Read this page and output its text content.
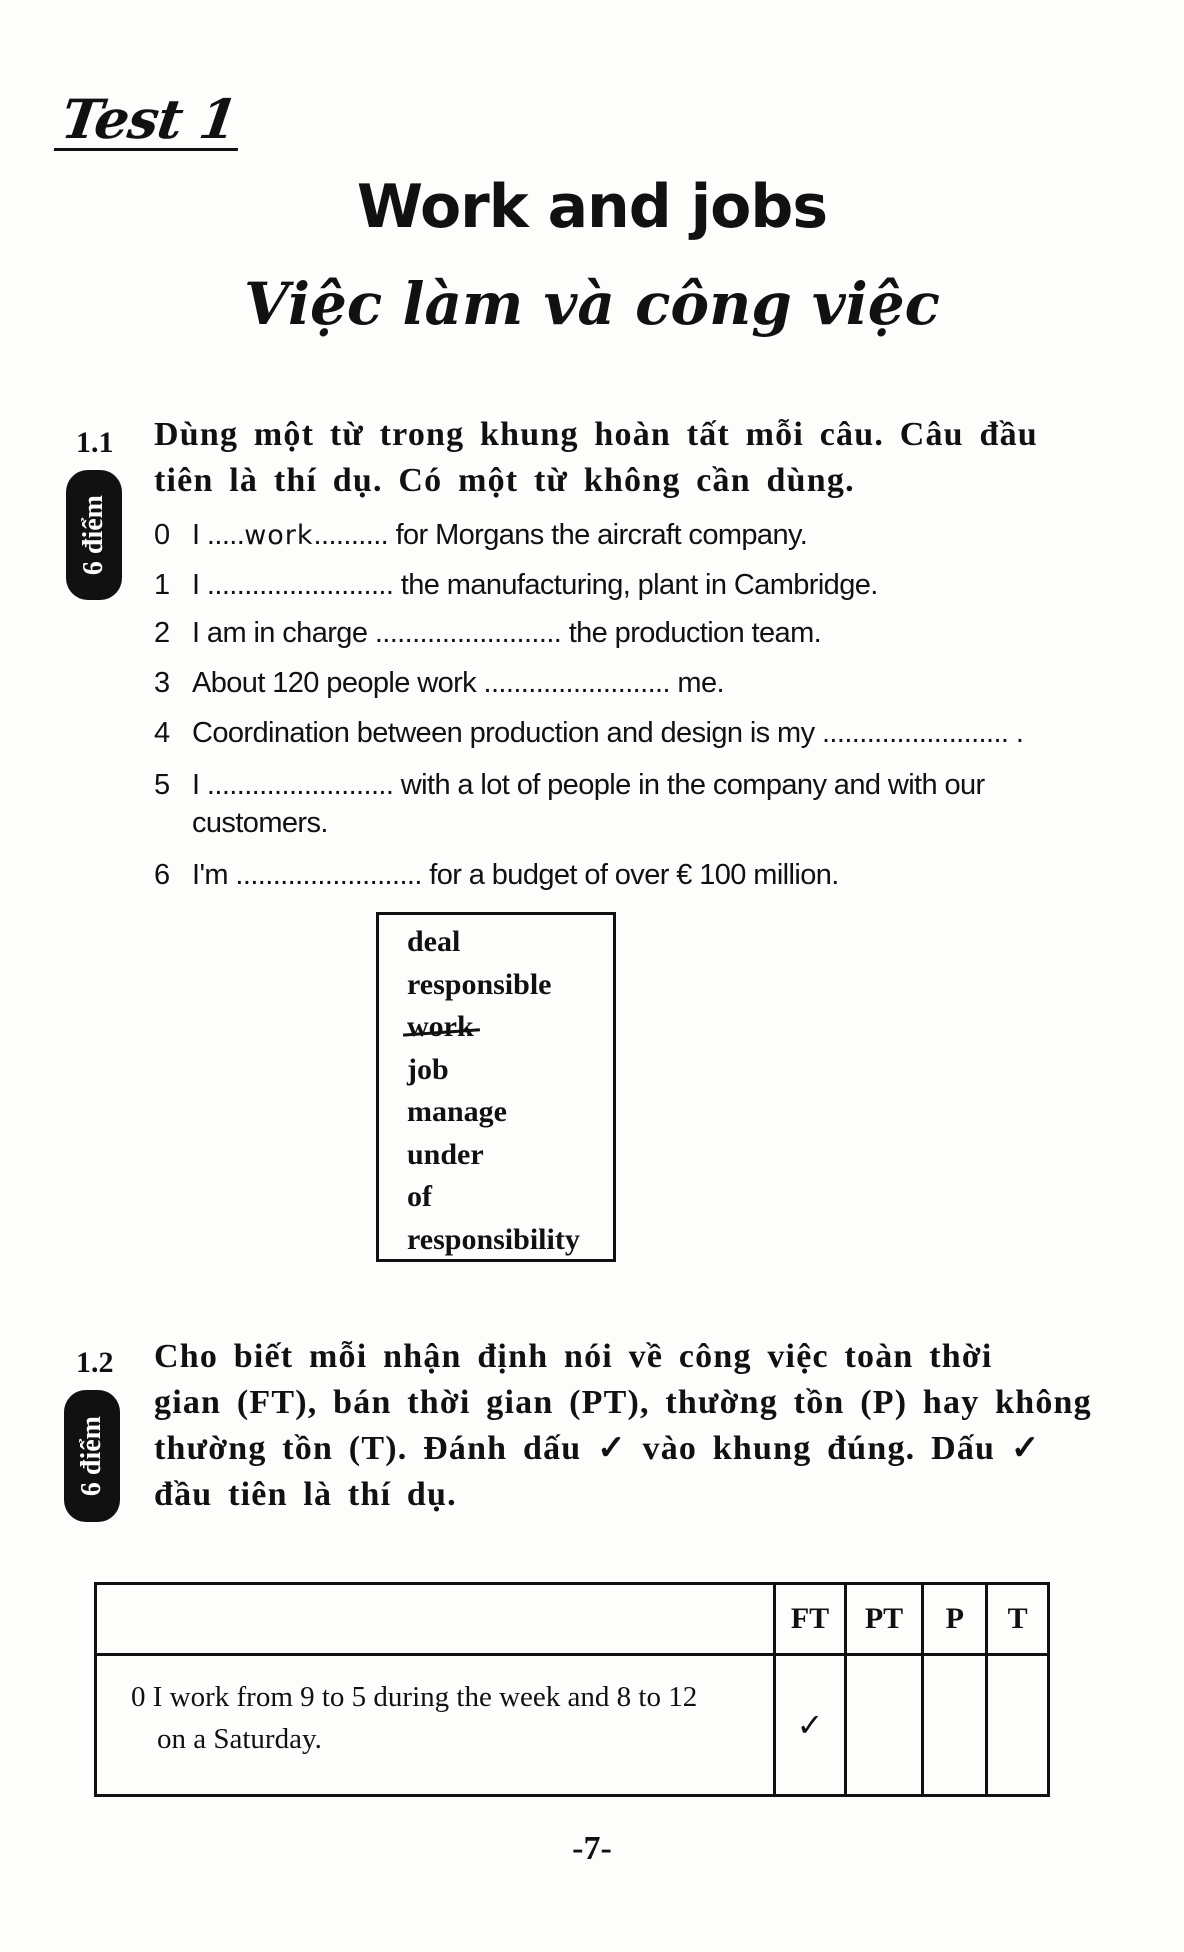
Test 1
Work and jobs
Việc làm và công việc
1.1 Dùng một từ trong khung hoàn tất mỗi câu. Câu đầu
tiên là thí dụ. Có một từ không cần dùng.
6 điểm 0 I .....work.......... for Morgans the aircraft company.
1 I ......................... the manufacturing, plant in Cambridge.
2 I am in charge ......................... the production team.
3 About 120 people work ......................... me.
4 Coordination between production and design is my ......................... .
5 I ......................... with a lot of people in the company and with our
customers.
6 I'm ......................... for a budget of over € 100 million.
deal
responsible
work
job
manage
under
of
responsibility
1.2 Cho biết mỗi nhận định nói về công việc toàn thời
gian (FT), bán thời gian (PT), thường tồn (P) hay không
thường tồn (T). Đánh dấu ✓ vào khung đúng. Dấu ✓
đầu tiên là thí dụ.
6 điểm
	FT	PT	P	T

0 I work from 9 to 5 during the week and 8 to 12
on a Saturday.	✓			
-7-
